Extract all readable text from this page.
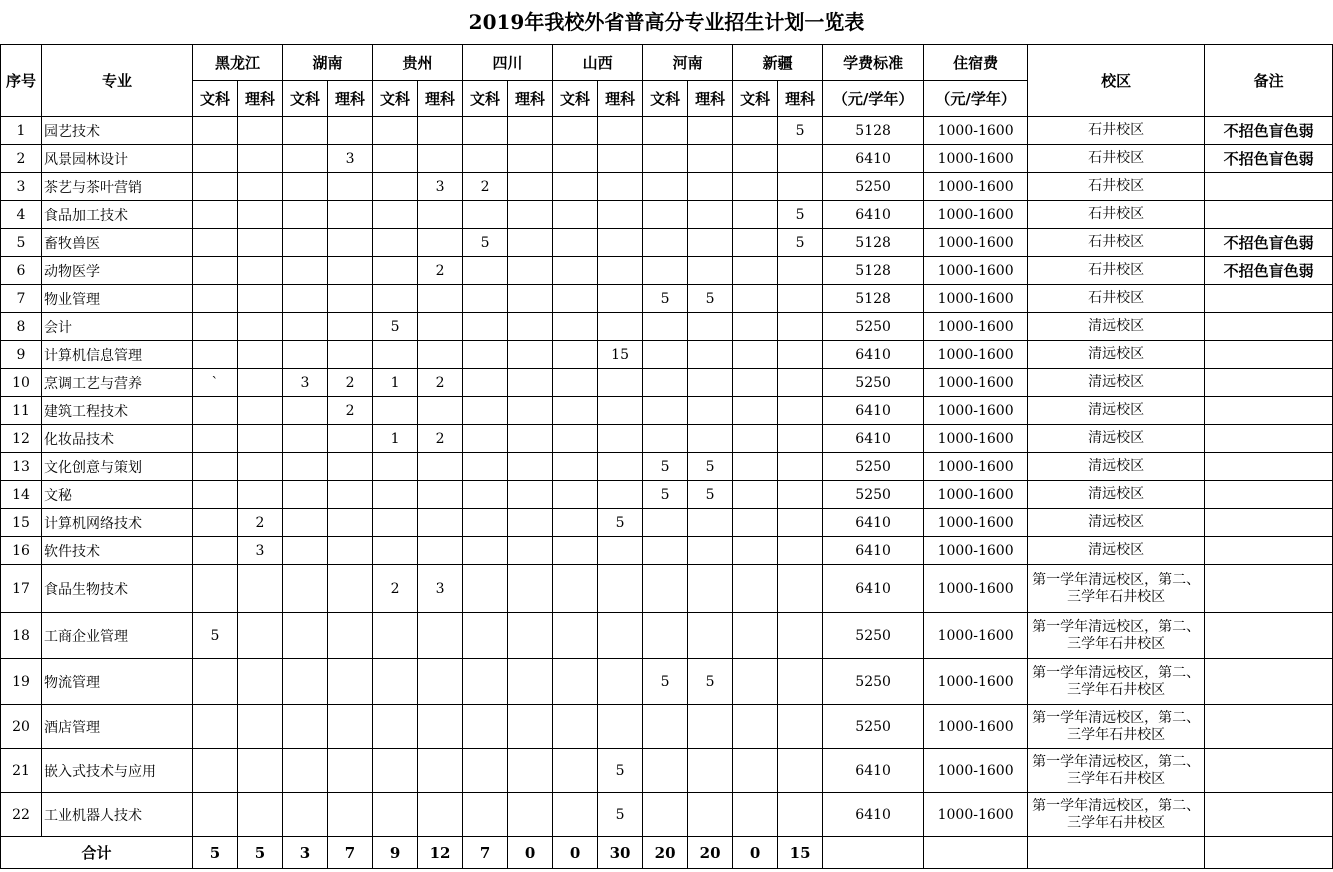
2019年我校外省普高分专业招生计划一览表
序号	专业	黑龙江		湖南		贵州		四川		山西		河南		新疆		学费标准	住宿费	校区	备注
		文科	理科	文科	理科	文科	理科	文科	理科	文科	理科	文科	理科	文科	理科	（元/学年）	（元/学年）		
1	园艺技术														5	5128	1000-1600	石井校区	不招色盲色弱
2	风景园林设计				3											6410	1000-1600	石井校区	不招色盲色弱
3	茶艺与茶叶营销						3	2								5250	1000-1600	石井校区	
4	食品加工技术														5	6410	1000-1600	石井校区	
5	畜牧兽医							5							5	5128	1000-1600	石井校区	不招色盲色弱
6	动物医学						2									5128	1000-1600	石井校区	不招色盲色弱
7	物业管理											5	5			5128	1000-1600	石井校区	
8	会计					5										5250	1000-1600	清远校区	
9	计算机信息管理										15					6410	1000-1600	清远校区	
10	烹调工艺与营养	`		3	2	1	2									5250	1000-1600	清远校区	
11	建筑工程技术				2											6410	1000-1600	清远校区	
12	化妆品技术					1	2									6410	1000-1600	清远校区	
13	文化创意与策划											5	5			5250	1000-1600	清远校区	
14	文秘											5	5			5250	1000-1600	清远校区	
15	计算机网络技术		2								5					6410	1000-1600	清远校区	
16	软件技术		3													6410	1000-1600	清远校区	
17	食品生物技术					2	3									6410	1000-1600	第一学年清远校区，第二、三学年石井校区	
18	工商企业管理	5														5250	1000-1600	第一学年清远校区，第二、三学年石井校区	
19	物流管理											5	5			5250	1000-1600	第一学年清远校区，第二、三学年石井校区	
20	酒店管理															5250	1000-1600	第一学年清远校区，第二、三学年石井校区	
21	嵌入式技术与应用										5					6410	1000-1600	第一学年清远校区，第二、三学年石井校区	
22	工业机器人技术										5					6410	1000-1600	第一学年清远校区，第二、三学年石井校区	
合计		5	5	3	7	9	12	7	0	0	30	20	20	0	15				
